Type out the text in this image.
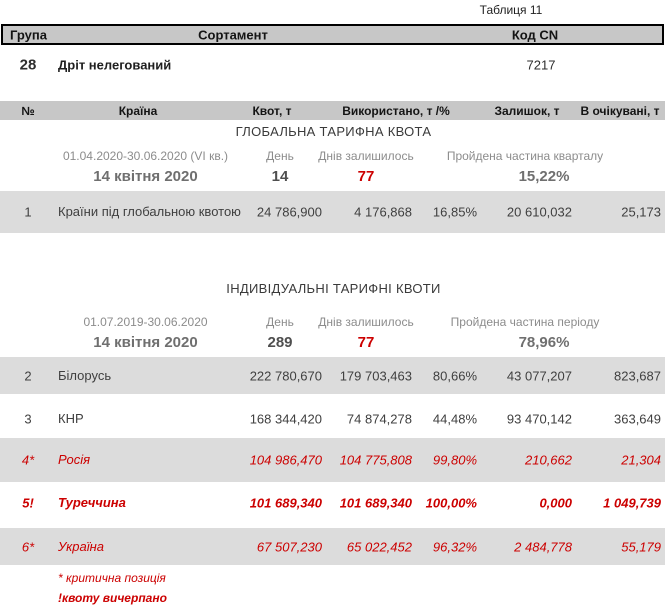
Таблиця 11
Група	Сортамент	Код CN
28	Дріт нелегований	7217
№	Країна	Квот, т	Використано, т /%	Залишок, т	В очікувані, т
ГЛОБАЛЬНА ТАРИФНА КВОТА
01.04.2020-30.06.2020 (VI кв.)	День	Днів залишилось	Пройдена частина кварталу
14 квітня 2020	14	77	15,22%
1	Країни під глобальною квотою	24 786,900	4 176,868	16,85%	20 610,032	25,173
ІНДИВІДУАЛЬНІ ТАРИФНІ КВОТИ
01.07.2019-30.06.2020	День	Днів залишилось	Пройдена частина періоду
14 квітня 2020	289	77	78,96%
2	Білорусь	222 780,670	179 703,463	80,66%	43 077,207	823,687
3	КНР	168 344,420	74 874,278	44,48%	93 470,142	363,649
4*	Росія	104 986,470	104 775,808	99,80%	210,662	21,304
5!	Туреччина	101 689,340	101 689,340	100,00%	0,000	1 049,739
6*	Україна	67 507,230	65 022,452	96,32%	2 484,778	55,179
* критична позиція
!квоту вичерпано
